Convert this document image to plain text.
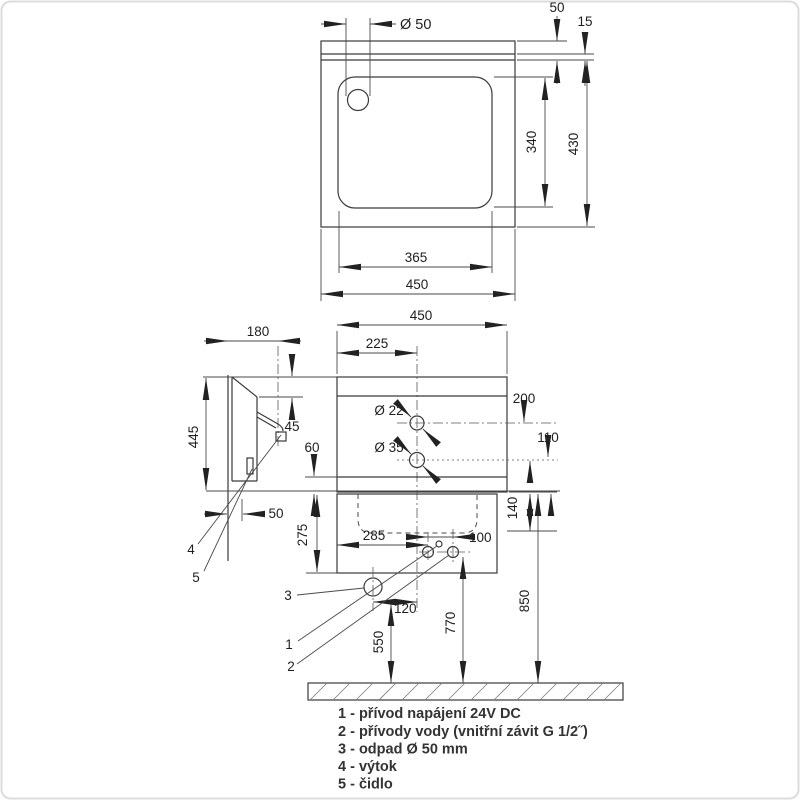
Ø 50
50
15
340 430
365
450
180
45
445
50
4
5
450
225
Ø 22
Ø 35
200
110
60
140
275	285	100
120
550
770
850
3
1
2
1 - přívod napájení 24V DC
2 - přívody vody (vnitřní závit G 1/2˝)
3 - odpad Ø 50 mm
4 - výtok
5 - čidlo
